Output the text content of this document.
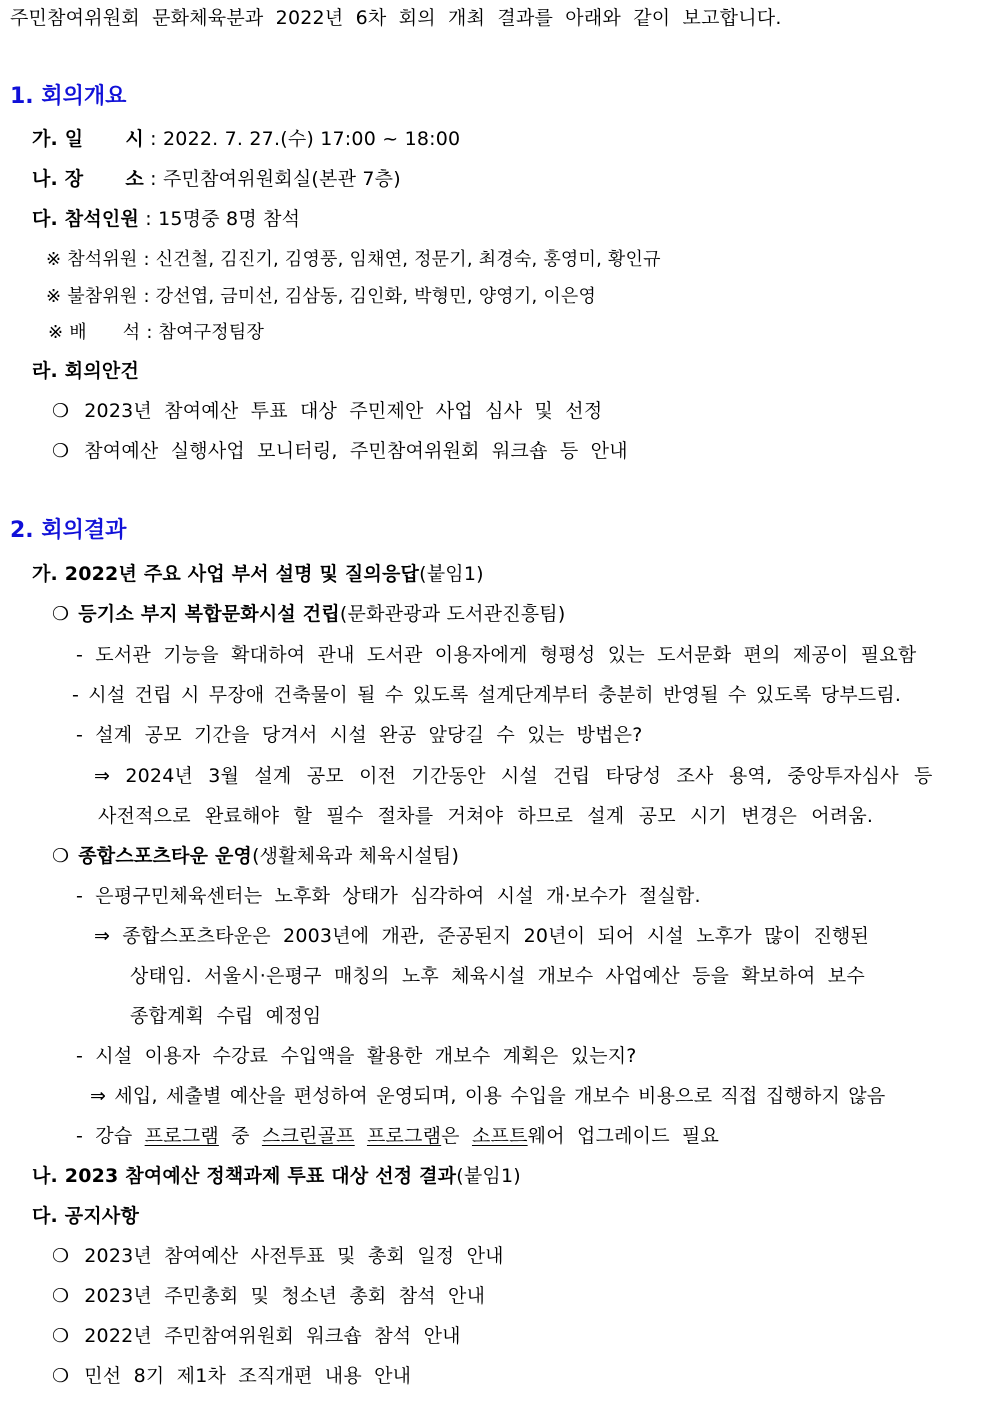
주민참여위원회 문화체육분과 2022년 6차 회의 개최 결과를 아래와 같이 보고합니다.
1. 회의개요
가. 일 시 : 2022. 7. 27.(수) 17:00 ~ 18:00
나. 장 소 : 주민참여위원회실(본관 7층)
다. 참석인원 : 15명중 8명 참석
※ 참석위원 : 신건철, 김진기, 김영풍, 임채연, 정문기, 최경숙, 홍영미, 황인규
※ 불참위원 : 강선엽, 금미선, 김삼동, 김인화, 박형민, 양영기, 이은영
※ 배 석 : 참여구정팀장
라. 회의안건
❍ 2023년 참여예산 투표 대상 주민제안 사업 심사 및 선정
❍ 참여예산 실행사업 모니터링, 주민참여위원회 워크숍 등 안내
2. 회의결과
가. 2022년 주요 사업 부서 설명 및 질의응답(붙임1)
❍ 등기소 부지 복합문화시설 건립(문화관광과 도서관진흥팀)
- 도서관 기능을 확대하여 관내 도서관 이용자에게 형평성 있는 도서문화 편의 제공이 필요함
- 시설 건립 시 무장애 건축물이 될 수 있도록 설계단계부터 충분히 반영될 수 있도록 당부드림.
- 설계 공모 기간을 당겨서 시설 완공 앞당길 수 있는 방법은?
⇒ 2024년 3월 설계 공모 이전 기간동안 시설 건립 타당성 조사 용역, 중앙투자심사 등
사전적으로 완료해야 할 필수 절차를 거쳐야 하므로 설계 공모 시기 변경은 어려움.
❍ 종합스포츠타운 운영(생활체육과 체육시설팀)
- 은평구민체육센터는 노후화 상태가 심각하여 시설 개·보수가 절실함.
⇒ 종합스포츠타운은 2003년에 개관, 준공된지 20년이 되어 시설 노후가 많이 진행된
상태임. 서울시·은평구 매칭의 노후 체육시설 개보수 사업예산 등을 확보하여 보수
종합계획 수립 예정임
- 시설 이용자 수강료 수입액을 활용한 개보수 계획은 있는지?
⇒ 세입, 세출별 예산을 편성하여 운영되며, 이용 수입을 개보수 비용으로 직접 집행하지 않음
- 강습 프로그램 중 스크린골프 프로그램은 소프트웨어 업그레이드 필요
나. 2023 참여예산 정책과제 투표 대상 선정 결과(붙임1)
다. 공지사항
❍ 2023년 참여예산 사전투표 및 총회 일정 안내
❍ 2023년 주민총회 및 청소년 총회 참석 안내
❍ 2022년 주민참여위원회 워크숍 참석 안내
❍ 민선 8기 제1차 조직개편 내용 안내
